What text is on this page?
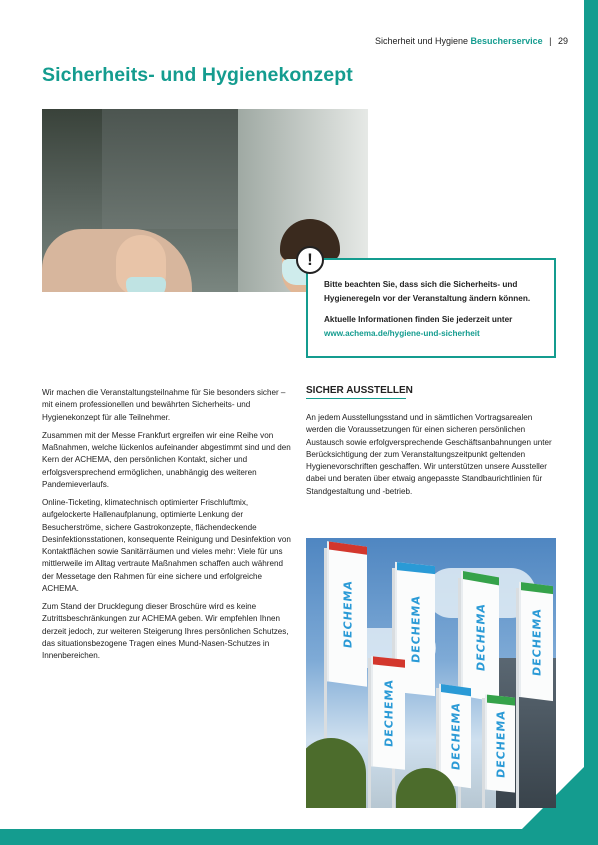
Sicherheit und Hygiene Besucherservice | 29
Sicherheits- und Hygienekonzept
!

Bitte beachten Sie, dass sich die Sicherheits- und

Hygieneregeln vor der Veranstaltung ändern können.

Aktuelle Informationen finden Sie jederzeit unter

www.achema.de/hygiene-und-sicherheit

Wir machen die Veranstaltungsteilnahme für Sie besonders sicher – mit einem professionellen und bewährten Sicherheits- und Hygienekonzept für alle Teilnehmer.

Zusammen mit der Messe Frankfurt ergreifen wir eine Reihe von Maßnahmen, welche lückenlos aufeinander abgestimmt sind und den Kern der ACHEMA, den persönlichen Kontakt, sicher und erfolgsversprechend ermöglichen, unabhängig des weiteren Pandemieverlaufs.

Online-Ticketing, klimatechnisch optimierter Frischluftmix, aufgelockerte Hallenaufplanung, optimierte Lenkung der Besucherströme, sichere Gastrokonzepte, flächendeckende Desinfektionsstationen, konsequente Reinigung und Desinfektion von Kontaktflächen sowie Sanitärräumen und vieles mehr: Viele für uns mittlerweile im Alltag vertraute Maßnahmen schaffen auch während der Messetage den Rahmen für eine sichere und erfolgreiche ACHEMA.

Zum Stand der Drucklegung dieser Broschüre wird es keine Zutrittsbeschränkungen zur ACHEMA geben. Wir empfehlen Ihnen derzeit jedoch, zur weiteren Steigerung Ihres persönlichen Schutzes, das situationsbezogene Tragen eines Mund-Nasen-Schutzes in Innenbereichen.

SICHER AUSSTELLEN
An jedem Ausstellungsstand und in sämtlichen Vortragsarealen werden die Voraussetzungen für einen sicheren persönlichen Austausch sowie erfolgversprechende Geschäftsanbahnungen unter Berücksichtigung der zum Veranstaltungszeitpunkt geltenden Hygienevorschriften geschaffen. Wir unterstützen unsere Aussteller dabei und beraten über etwaig angepasste Standbaurichtlinien für Standgestaltung und -betrieb.
DECHEMA	DECHEMA	DECHEMA	DECHEMA
DECHEMA	DECHEMA	DECHEMA
